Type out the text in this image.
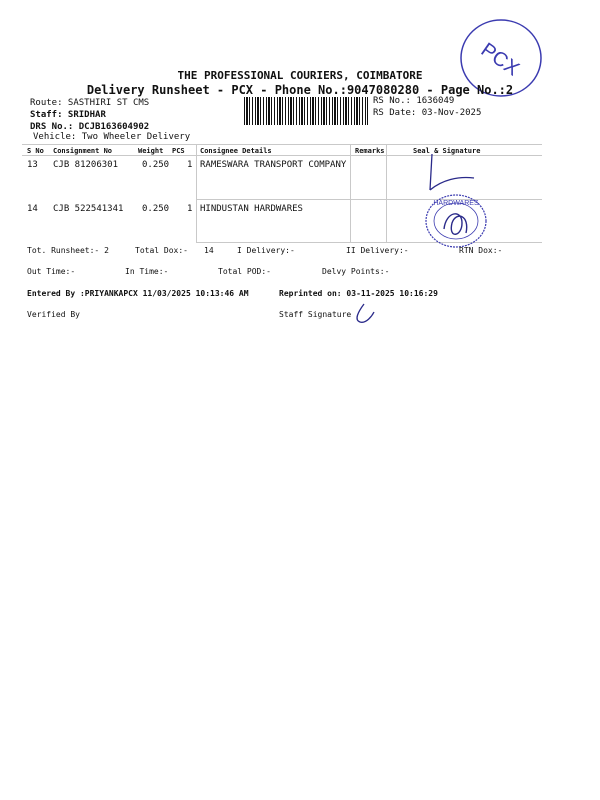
PCX
THE PROFESSIONAL COURIERS, COIMBATORE
Delivery Runsheet - PCX - Phone No.:9047080280 - Page No.:2
Route: SASTHIRI ST CMS
Staff: SRIDHAR
DRS No.: DCJB163604902
Vehicle: Two Wheeler Delivery
RS No.: 1636049
RS Date: 03-Nov-2025
S No Consignment No	Weight PCS Consignee Details	Remarks	Seal & Signature
13 CJB 81206301	0.250 1 RAMESWARA TRANSPORT COMPANY
14 CJB 522541341 0.250 1 HINDUSTAN HARDWARES
HARDWARES
Tot. Runsheet:- 2	Total Dox:- 14	I Delivery:-	II Delivery:-	RTN Dox:-
Out Time:-	In Time:-	Total POD:-	Delvy Points:-
Entered By :PRIYANKAPCX 11/03/2025 10:13:46 AM	Reprinted on: 03-11-2025 10:16:29
Verified By	Staff Signature
